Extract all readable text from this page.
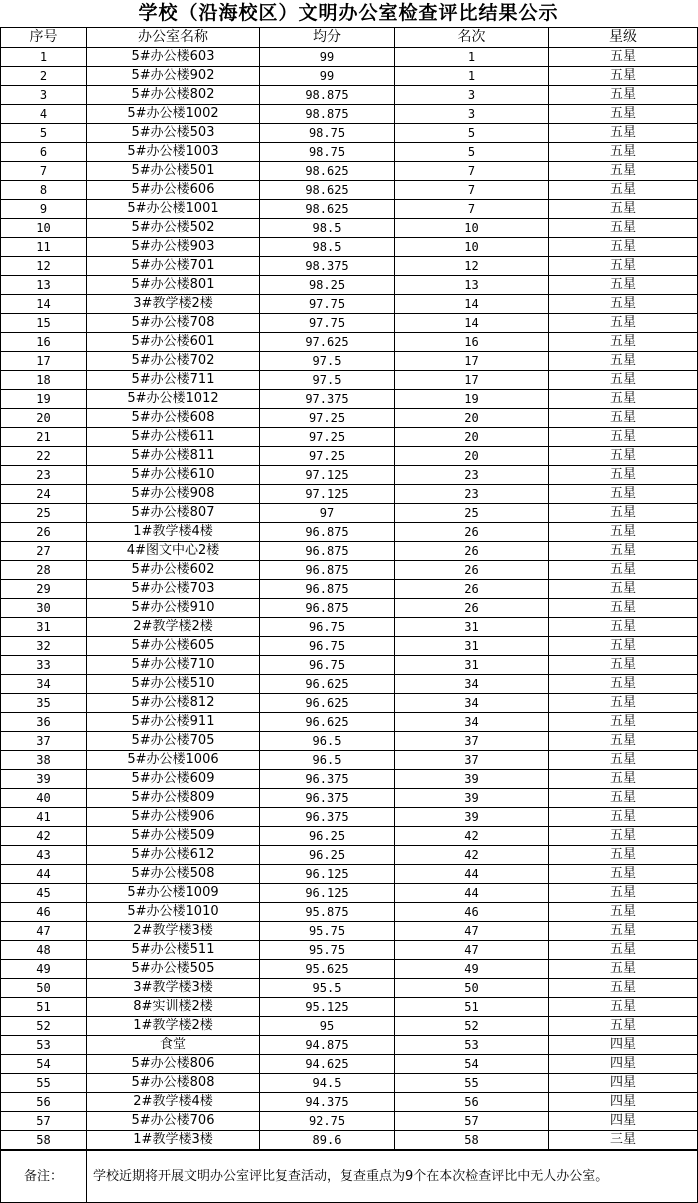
学校（沿海校区）文明办公室检查评比结果公示
序号	办公室名称	均分	名次	星级
1	5#办公楼603	99	1	五星
2	5#办公楼902	99	1	五星
3	5#办公楼802	98.875	3	五星
4	5#办公楼1002	98.875	3	五星
5	5#办公楼503	98.75	5	五星
6	5#办公楼1003	98.75	5	五星
7	5#办公楼501	98.625	7	五星
8	5#办公楼606	98.625	7	五星
9	5#办公楼1001	98.625	7	五星
10	5#办公楼502	98.5	10	五星
11	5#办公楼903	98.5	10	五星
12	5#办公楼701	98.375	12	五星
13	5#办公楼801	98.25	13	五星
14	3#教学楼2楼	97.75	14	五星
15	5#办公楼708	97.75	14	五星
16	5#办公楼601	97.625	16	五星
17	5#办公楼702	97.5	17	五星
18	5#办公楼711	97.5	17	五星
19	5#办公楼1012	97.375	19	五星
20	5#办公楼608	97.25	20	五星
21	5#办公楼611	97.25	20	五星
22	5#办公楼811	97.25	20	五星
23	5#办公楼610	97.125	23	五星
24	5#办公楼908	97.125	23	五星
25	5#办公楼807	97	25	五星
26	1#教学楼4楼	96.875	26	五星
27	4#图文中心2楼	96.875	26	五星
28	5#办公楼602	96.875	26	五星
29	5#办公楼703	96.875	26	五星
30	5#办公楼910	96.875	26	五星
31	2#教学楼2楼	96.75	31	五星
32	5#办公楼605	96.75	31	五星
33	5#办公楼710	96.75	31	五星
34	5#办公楼510	96.625	34	五星
35	5#办公楼812	96.625	34	五星
36	5#办公楼911	96.625	34	五星
37	5#办公楼705	96.5	37	五星
38	5#办公楼1006	96.5	37	五星
39	5#办公楼609	96.375	39	五星
40	5#办公楼809	96.375	39	五星
41	5#办公楼906	96.375	39	五星
42	5#办公楼509	96.25	42	五星
43	5#办公楼612	96.25	42	五星
44	5#办公楼508	96.125	44	五星
45	5#办公楼1009	96.125	44	五星
46	5#办公楼1010	95.875	46	五星
47	2#教学楼3楼	95.75	47	五星
48	5#办公楼511	95.75	47	五星
49	5#办公楼505	95.625	49	五星
50	3#教学楼3楼	95.5	50	五星
51	8#实训楼2楼	95.125	51	五星
52	1#教学楼2楼	95	52	五星
53	食堂	94.875	53	四星
54	5#办公楼806	94.625	54	四星
55	5#办公楼808	94.5	55	四星
56	2#教学楼4楼	94.375	56	四星
57	5#办公楼706	92.75	57	四星
58	1#教学楼3楼	89.6	58	三星
备注：	学校近期将开展文明办公室评比复查活动，复查重点为9个在本次检查评比中无人办公室。
